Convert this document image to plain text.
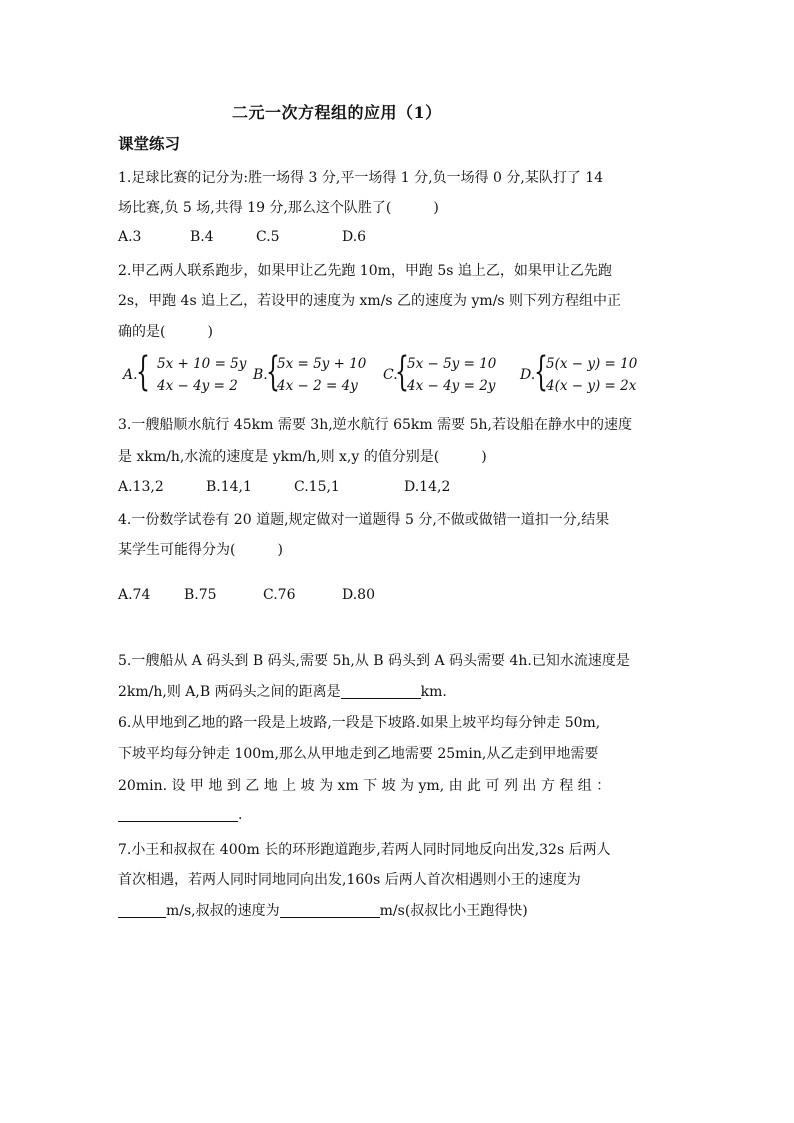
二元一次方程组的应用（1）
课堂练习
1.足球比赛的记分为:胜一场得 3 分,平一场得 1 分,负一场得 0 分,某队打了 14
场比赛,负 5 场,共得 19 分,那么这个队胜了(　　　)
A.3	B.4	C.5	D.6
2.甲乙两人联系跑步，如果甲让乙先跑 10m，甲跑 5s 追上乙，如果甲让乙先跑
2s，甲跑 4s 追上乙，若设甲的速度为 xm/s 乙的速度为 ym/s 则下列方程组中正
确的是(　　　)
A.
{ 5x + 10 = 5y
4x − 4y = 2
B.
{
5x = 5y + 10
4x − 2 = 4y
C.
{
5x − 5y = 10
4x − 4y = 2y
D.
{
5(x − y) = 10
4(x − y) = 2x
3.一艘船顺水航行 45km 需要 3h,逆水航行 65km 需要 5h,若设船在静水中的速度
是 xkm/h,水流的速度是 ykm/h,则 x,y 的值分别是(　　　)
A.13,2	B.14,1	C.15,1	D.14,2
4.一份数学试卷有 20 道题,规定做对一道题得 5 分,不做或做错一道扣一分,结果
某学生可能得分为(　　　)
A.74 B.75	C.76	D.80
5.一艘船从 A 码头到 B 码头,需要 5h,从 B 码头到 A 码头需要 4h.已知水流速度是
2km/h,则 A,B 两码头之间的距离是	km.
6.从甲地到乙地的路一段是上坡路,一段是下坡路.如果上坡平均每分钟走 50m,
下坡平均每分钟走 100m,那么从甲地走到乙地需要 25min,从乙走到甲地需要
20min. 设 甲 地 到 乙 地 上 坡 为 xm 下 坡 为 ym, 由 此 可 列 出 方 程 组 ：
.
7.小王和叔叔在 400m 长的环形跑道跑步,若两人同时同地反向出发,32s 后两人
首次相遇，若两人同时同地同向出发,160s 后两人首次相遇则小王的速度为
m/s,叔叔的速度为	m/s(叔叔比小王跑得快)
